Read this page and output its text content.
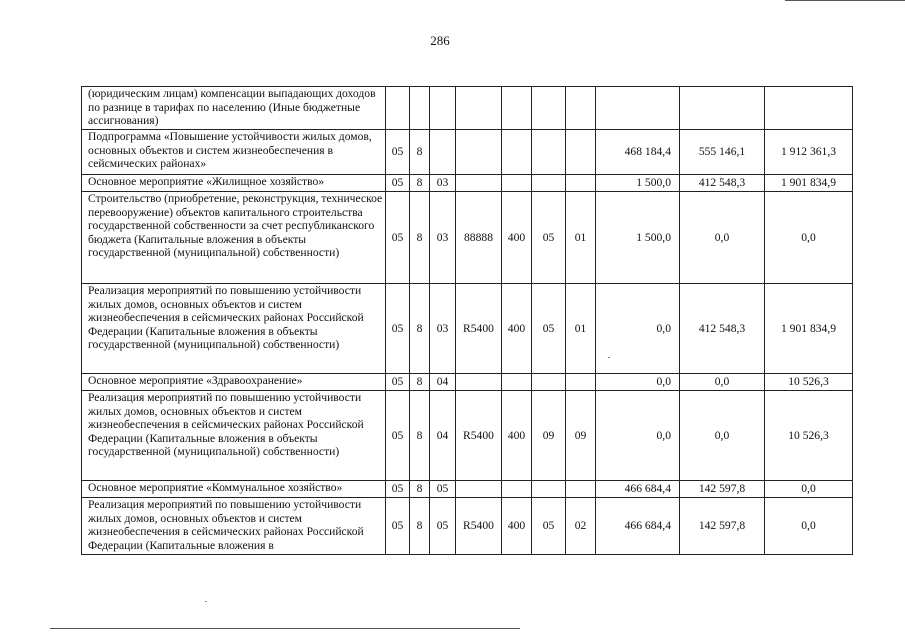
286
(юридическим лицам) компенсации выпадающих доходов по разнице в тарифах по населению (Иные бюджетные ассигнования)										
Подпрограмма «Повышение устойчивости жилых домов, основных объектов и систем жизнеобеспечения в сейсмических районах»	05	8						468 184,4	555 146,1	1 912 361,3
Основное мероприятие «Жилищное хозяйство»	05	8	03					1 500,0	412 548,3	1 901 834,9
Строительство (приобретение, реконструкция, техническое перевооружение) объектов капитального строительства государственной собственности за счет республиканского бюджета (Капитальные вложения в объекты государственной (муниципальной) собственности)	05	8	03	88888	400	05	01	1 500,0	0,0	0,0
Реализация мероприятий по повышению устойчивости жилых домов, основных объектов и систем жизнеобеспечения в сейсмических районах Российской Федерации (Капитальные вложения в объекты государственной (муниципальной) собственности)	05	8	03	R5400	400	05	01	0,0	412 548,3	1 901 834,9
Основное мероприятие «Здравоохранение»	05	8	04					0,0	0,0	10 526,3
Реализация мероприятий по повышению устойчивости жилых домов, основных объектов и систем жизнеобеспечения в сейсмических районах Российской Федерации (Капитальные вложения в объекты государственной (муниципальной) собственности)	05	8	04	R5400	400	09	09	0,0	0,0	10 526,3
Основное мероприятие «Коммунальное хозяйство»	05	8	05					466 684,4	142 597,8	0,0
Реализация мероприятий по повышению устойчивости жилых домов, основных объектов и систем жизнеобеспечения в сейсмических районах Российской Федерации (Капитальные вложения в	05	8	05	R5400	400	05	02	466 684,4	142 597,8	0,0
